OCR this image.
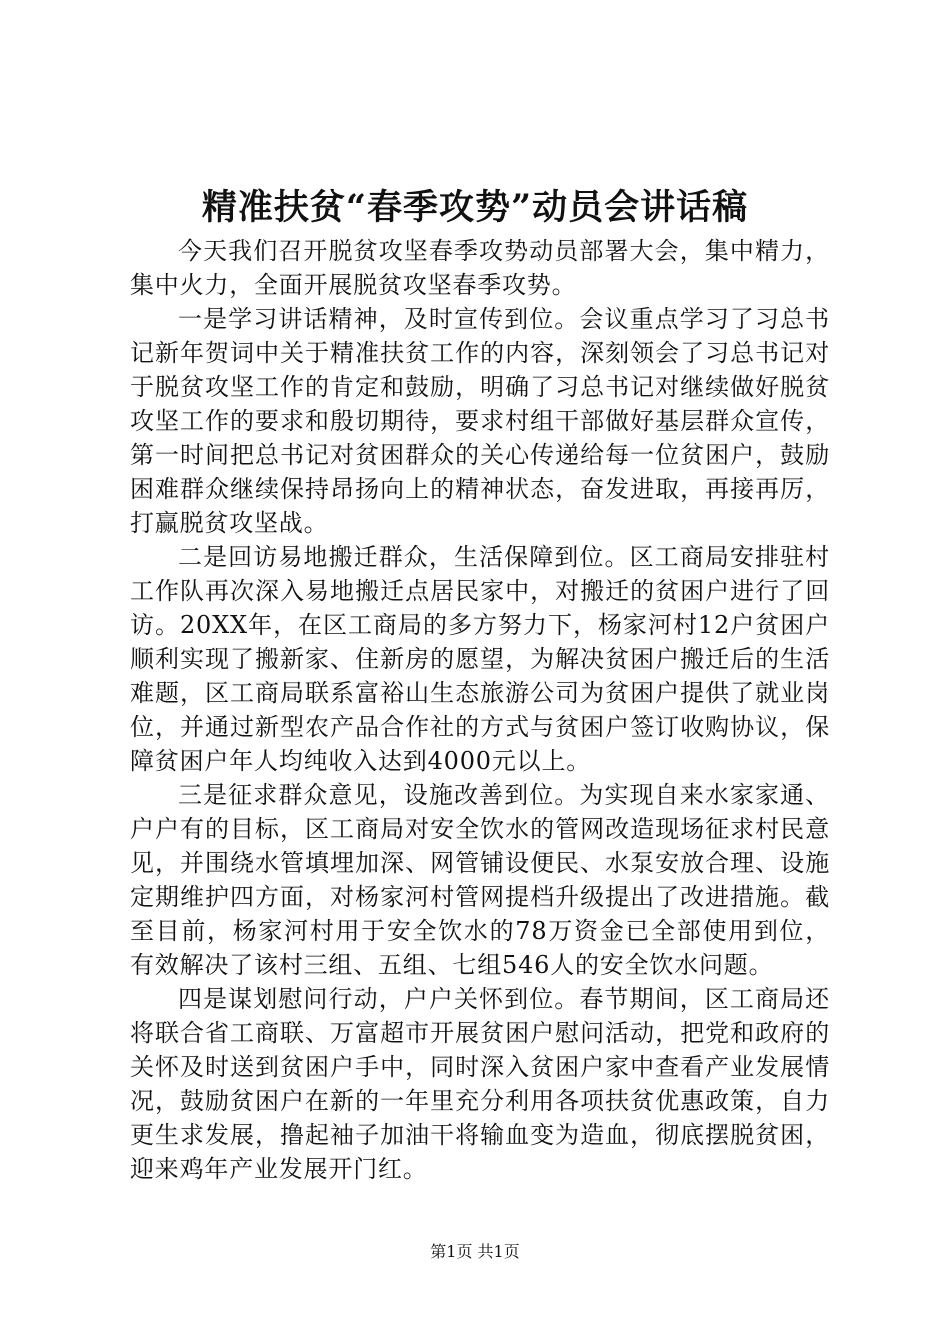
精准扶贫“春季攻势”动员会讲话稿

今天我们召开脱贫攻坚春季攻势动员部署大会，集中精力，集中火力，全面开展脱贫攻坚春季攻势。

一是学习讲话精神，及时宣传到位。会议重点学习了习总书记新年贺词中关于精准扶贫工作的内容，深刻领会了习总书记对于脱贫攻坚工作的肯定和鼓励，明确了习总书记对继续做好脱贫攻坚工作的要求和殷切期待，要求村组干部做好基层群众宣传，第一时间把总书记对贫困群众的关心传递给每一位贫困户，鼓励困难群众继续保持昂扬向上的精神状态，奋发进取，再接再厉，打赢脱贫攻坚战。

二是回访易地搬迁群众，生活保障到位。区工商局安排驻村工作队再次深入易地搬迁点居民家中，对搬迁的贫困户进行了回访。20XX年，在区工商局的多方努力下，杨家河村12户贫困户顺利实现了搬新家、住新房的愿望，为解决贫困户搬迁后的生活难题，区工商局联系富裕山生态旅游公司为贫困户提供了就业岗位，并通过新型农产品合作社的方式与贫困户签订收购协议，保障贫困户年人均纯收入达到4000元以上。

三是征求群众意见，设施改善到位。为实现自来水家家通、户户有的目标，区工商局对安全饮水的管网改造现场征求村民意见，并围绕水管填埋加深、网管铺设便民、水泵安放合理、设施定期维护四方面，对杨家河村管网提档升级提出了改进措施。截至目前，杨家河村用于安全饮水的78万资金已全部使用到位，有效解决了该村三组、五组、七组546人的安全饮水问题。

四是谋划慰问行动，户户关怀到位。春节期间，区工商局还将联合省工商联、万富超市开展贫困户慰问活动，把党和政府的关怀及时送到贫困户手中，同时深入贫困户家中查看产业发展情况，鼓励贫困户在新的一年里充分利用各项扶贫优惠政策，自力更生求发展，撸起袖子加油干将输血变为造血，彻底摆脱贫困，迎来鸡年产业发展开门红。

第1页 共1页
